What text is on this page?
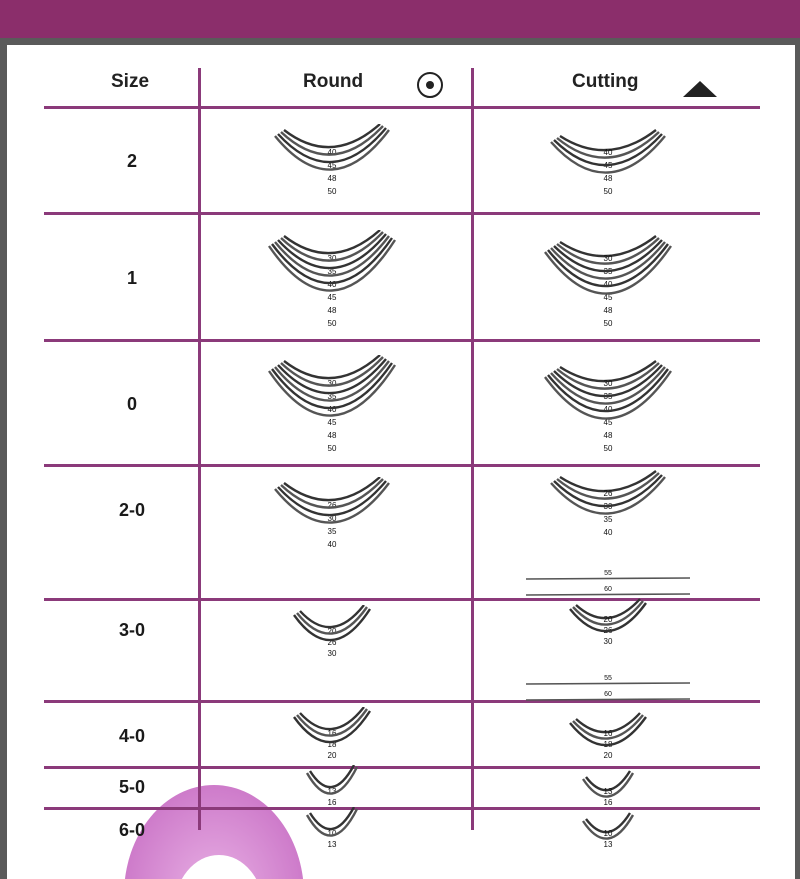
Size	Round	Cutting
2
1
0
2-0
3-0
4-0
5-0
6-0
40
45
48
50
30
35
40
45
48
50
30
35
40
45
48
50
26
30
35
40
20
26
30
16
18
20
13
16
10
13
40
45
48
50
30
35
40
45
48
50
30
35
40
45
48
50
26
30
35
40
20
26
30
16
18
20
13
16
10
13
55
60
55
60
